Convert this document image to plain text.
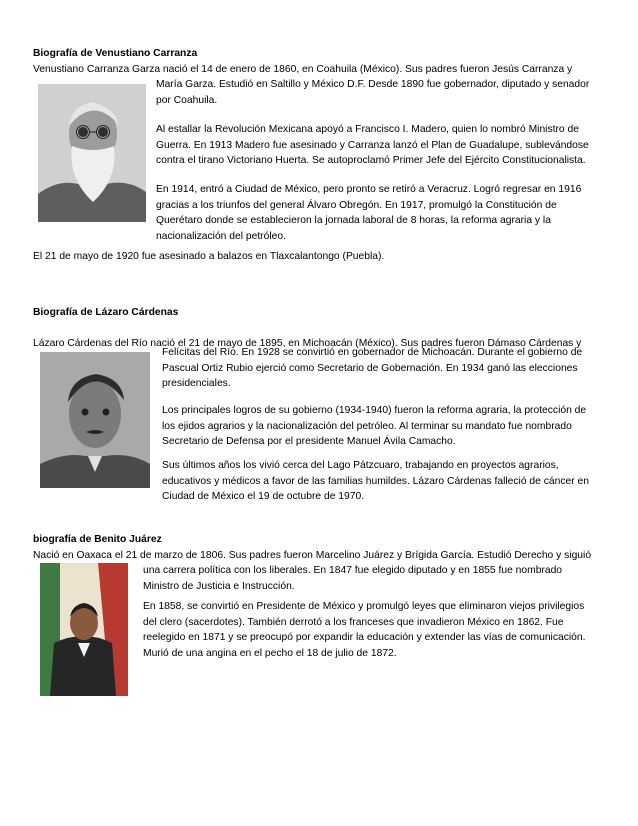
Biografía de Venustiano Carranza

Venustiano Carranza Garza nació el 14 de enero de 1860, en Coahuila (México). Sus padres fueron Jesús Carranza y

María Garza. Estudió en Saltillo y México D.F. Desde 1890 fue gobernador, diputado y senador por Coahuila.
Al estallar la Revolución Mexicana apoyó a Francisco I. Madero, quien lo nombró Ministro de Guerra. En 1913 Madero fue asesinado y Carranza lanzó el Plan de Guadalupe, sublevándose contra el tirano Victoriano Huerta. Se autoproclamó Primer Jefe del Ejército Constitucionalista.
En 1914, entró a Ciudad de México, pero pronto se retiró a Veracruz. Logró regresar en 1916 gracias a los triunfos del general Álvaro Obregón. En 1917, promulgó la Constitución de Querétaro donde se establecieron la jornada laboral de 8 horas, la reforma agraria y la nacionalización del petróleo.

El 21 de mayo de 1920 fue asesinado a balazos en Tlaxcalantongo (Puebla).

Biografía de Lázaro Cárdenas

Lázaro Cárdenas del Río nació el 21 de mayo de 1895, en Michoacán (México). Sus padres fueron Dámaso Cárdenas y

Felícitas del Río. En 1928 se convirtió en gobernador de Michoacán. Durante el gobierno de Pascual Ortiz Rubio ejerció como Secretario de Gobernación. En 1934 ganó las elecciones presidenciales.
Los principales logros de su gobierno (1934-1940) fueron la reforma agraria, la protección de los ejidos agrarios y la nacionalización del petróleo. Al terminar su mandato fue nombrado Secretario de Defensa por el presidente Manuel Ávila Camacho.
Sus últimos años los vivió cerca del Lago Pátzcuaro, trabajando en proyectos agrarios, educativos y médicos a favor de las familias humildes. Lázaro Cárdenas falleció de cáncer en Ciudad de México el 19 de octubre de 1970.

biografía de Benito Juárez

Nació en Oaxaca el 21 de marzo de 1806. Sus padres fueron Marcelino Juárez y Brígida García. Estudió Derecho y siguió

una carrera política con los liberales. En 1847 fue elegido diputado y en 1855 fue nombrado Ministro de Justicia e Instrucción.
En 1858, se convirtió en Presidente de México y promulgó leyes que eliminaron viejos privilegios del clero (sacerdotes). También derrotó a los franceses que invadieron México en 1862. Fue reelegido en 1871 y se preocupó por expandir la educación y extender las vías de comunicación. Murió de una angina en el pecho el 18 de julio de 1872.
